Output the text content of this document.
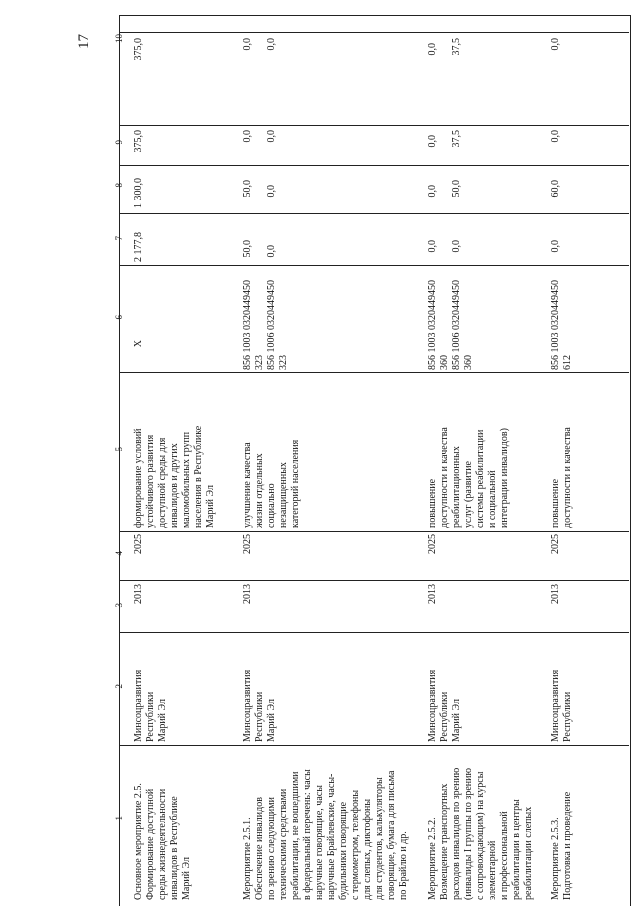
17 10
9
8
7
6
5
4
3
2
1
Основное мероприятие 2.5.
Формирование доступной
среды жизнедеятельности
инвалидов в Республике
Марий Эл
Минсоцразвития
Республики
Марий Эл
2013
2025
формирование условий
устойчивого развития
доступной среды для
инвалидов и других
маломобильных групп
населения в Республике
Марий Эл
Х
2 177,8
1 300,0
375,0
375,0
Мероприятие 2.5.1.
Обеспечение инвалидов
по зрению следующими
техническими средствами
реабилитации, не вошедшими
в федеральный перечень: часы
наручные говорящие, часы
наручные Брайлевские, часы-
будильники говорящие
с термометром, телефоны
для слепых, диктофоны
для студентов, калькуляторы
говорящие, бумага для письма
по Брайлю и др.
Минсоцразвития
Республики
Марий Эл
2013
2025
улучшение качества
жизни отдельных
социально
незащищенных
категорий населения
856 1003 0320449450
323
856 1006 0320449450
323
50,0

0,0
50,0

0,0
0,0

0,0
0,0

0,0
Мероприятие 2.5.2.
Возмещение транспортных
расходов инвалидов по зрению
(инвалиды I группы по зрению
с сопровождающим) на курсы
элементарной
и профессиональной
реабилитации в центры
реабилитации слепых
Минсоцразвития
Республики
Марий Эл
2013
2025
повышение
доступности и качества
реабилитационных
услуг (развитие
системы реабилитации
и социальной
интеграции инвалидов)
856 1003 0320449450
360
856 1006 0320449450
360
0,0

0,0
0,0

50,0
0,0

37,5
0,0

37,5
Мероприятие 2.5.3.
Подготовка и проведение
Минсоцразвития
Республики
2013
2025
повышение
доступности и качества
856 1003 0320449450
612
0,0
60,0
0,0
0,0
